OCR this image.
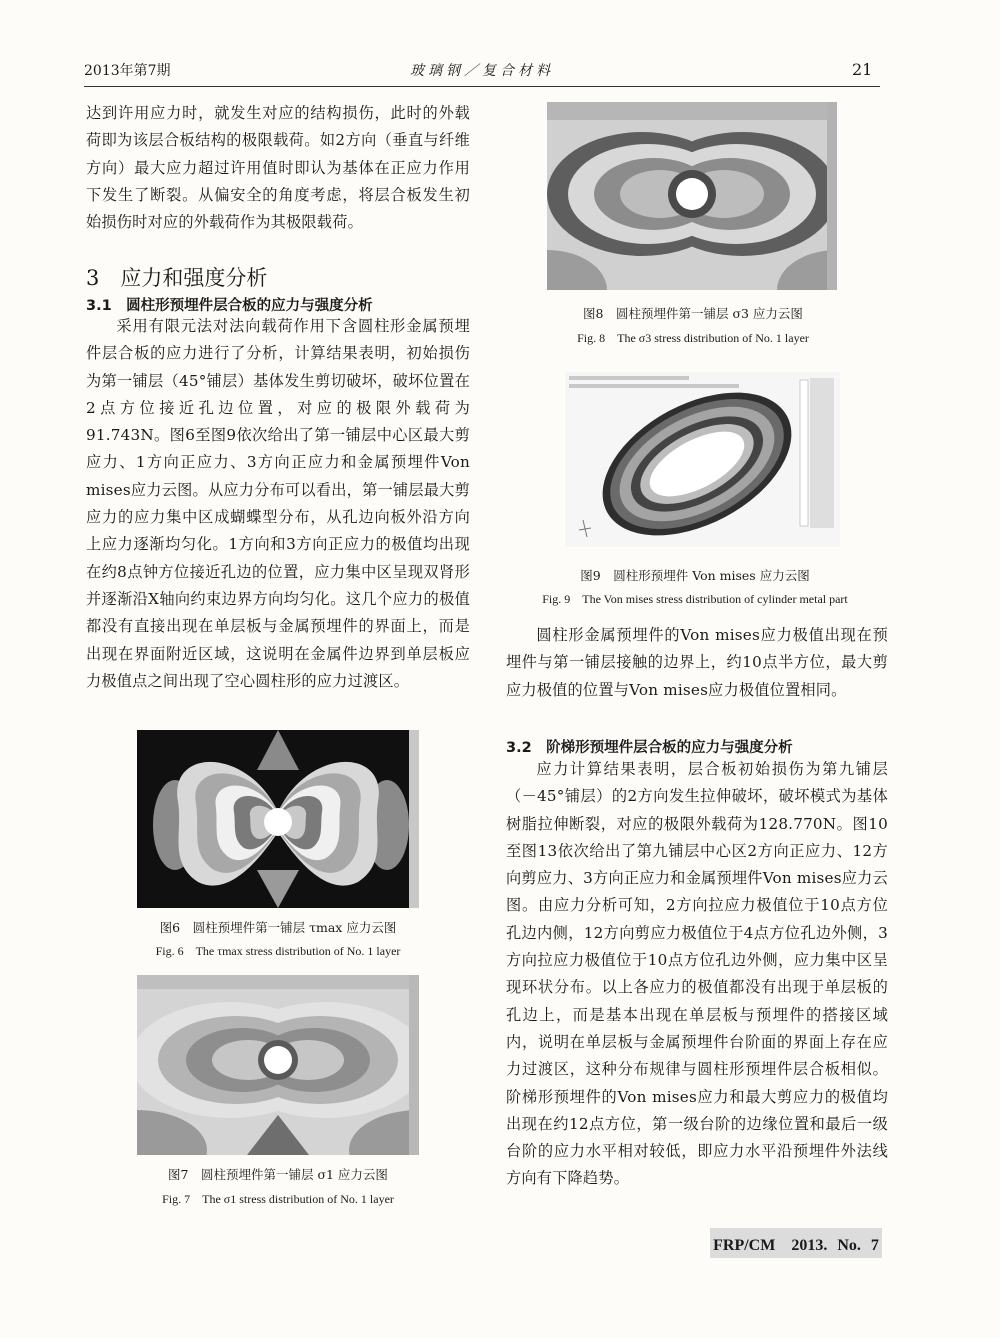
2013年第7期	玻璃钢／复合材料	21

达到许用应力时，就发生对应的结构损伤，此时的外载荷即为该层合板结构的极限载荷。如2方向（垂直与纤维方向）最大应力超过许用值时即认为基体在正应力作用下发生了断裂。从偏安全的角度考虑，将层合板发生初始损伤时对应的外载荷作为其极限载荷。

3　应力和强度分析
3.1　圆柱形预埋件层合板的应力与强度分析

采用有限元法对法向载荷作用下含圆柱形金属预埋件层合板的应力进行了分析，计算结果表明，初始损伤为第一铺层（45°铺层）基体发生剪切破坏，破坏位置在2点方位接近孔边位置，对应的极限外载荷为91.743N。图6至图9依次给出了第一铺层中心区最大剪应力、1方向正应力、3方向正应力和金属预埋件Von mises应力云图。从应力分布可以看出，第一铺层最大剪应力的应力集中区成蝴蝶型分布，从孔边向板外沿方向上应力逐渐均匀化。1方向和3方向正应力的极值均出现在约8点钟方位接近孔边的位置，应力集中区呈现双肾形并逐渐沿X轴向约束边界方向均匀化。这几个应力的极值都没有直接出现在单层板与金属预埋件的界面上，而是出现在界面附近区域，这说明在金属件边界到单层板应力极值点之间出现了空心圆柱形的应力过渡区。

图6　圆柱预埋件第一铺层 τmax 应力云图
Fig. 6　The τmax stress distribution of No. 1 layer
图7　圆柱预埋件第一铺层 σ1 应力云图
Fig. 7　The σ1 stress distribution of No. 1 layer
图8　圆柱预埋件第一铺层 σ3 应力云图
Fig. 8　The σ3 stress distribution of No. 1 layer
图9　圆柱形预埋件 Von mises 应力云图
Fig. 9　The Von mises stress distribution of cylinder metal part

圆柱形金属预埋件的Von mises应力极值出现在预埋件与第一铺层接触的边界上，约10点半方位，最大剪应力极值的位置与Von mises应力极值位置相同。

3.2　阶梯形预埋件层合板的应力与强度分析

应力计算结果表明，层合板初始损伤为第九铺层（－45°铺层）的2方向发生拉伸破坏，破坏模式为基体树脂拉伸断裂，对应的极限外载荷为128.770N。图10至图13依次给出了第九铺层中心区2方向正应力、12方向剪应力、3方向正应力和金属预埋件Von mises应力云图。由应力分析可知，2方向拉应力极值位于10点方位孔边内侧，12方向剪应力极值位于4点方位孔边外侧，3方向拉应力极值位于10点方位孔边外侧，应力集中区呈现环状分布。以上各应力的极值都没有出现于单层板的孔边上，而是基本出现在单层板与预埋件的搭接区域内，说明在单层板与金属预埋件台阶面的界面上存在应力过渡区，这种分布规律与圆柱形预埋件层合板相似。阶梯形预埋件的Von mises应力和最大剪应力的极值均出现在约12点方位，第一级台阶的边缘位置和最后一级台阶的应力水平相对较低，即应力水平沿预埋件外法线方向有下降趋势。

FRP/CM　2013. No. 7
